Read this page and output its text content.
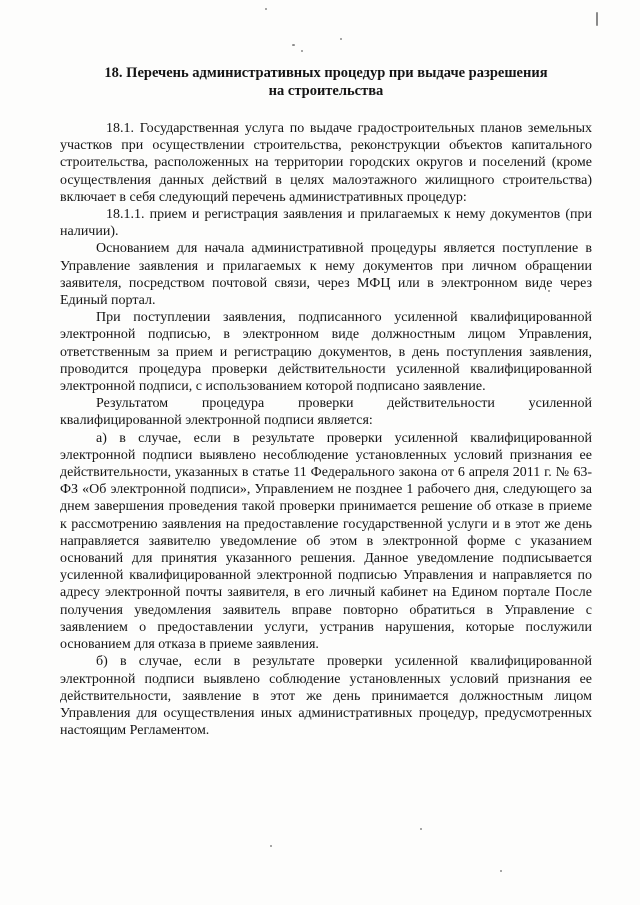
18. Перечень административных процедур при выдаче разрешения на строительства

18.1. Государственная услуга по выдаче градостроительных планов земельных участков при осуществлении строительства, реконструкции объектов капитального строительства, расположенных на территории городских округов и поселений (кроме осуществления данных действий в целях малоэтажного жилищного строительства) включает в себя следующий перечень административных процедур:

18.1.1. прием и регистрация заявления и прилагаемых к нему документов (при наличии).

Основанием для начала административной процедуры является поступление в Управление заявления и прилагаемых к нему документов при личном обращении заявителя, посредством почтовой связи, через МФЦ или в электронном виде через Единый портал.

При поступлении заявления, подписанного усиленной квалифицированной электронной подписью, в электронном виде должностным лицом Управления, ответственным за прием и регистрацию документов, в день поступления заявления, проводится процедура проверки действительности усиленной квалифицированной электронной подписи, с использованием которой подписано заявление.

Результатом процедура проверки действительности усиленной квалифицированной электронной подписи является:

а) в случае, если в результате проверки усиленной квалифицированной электронной подписи выявлено несоблюдение установленных условий признания ее действительности, указанных в статье 11 Федерального закона от 6 апреля 2011 г. № 63-ФЗ «Об электронной подписи», Управлением не позднее 1 рабочего дня, следующего за днем завершения проведения такой проверки принимается решение об отказе в приеме к рассмотрению заявления на предоставление государственной услуги и в этот же день направляется заявителю уведомление об этом в электронной форме с указанием оснований для принятия указанного решения. Данное уведомление подписывается усиленной квалифицированной электронной подписью Управления и направляется по адресу электронной почты заявителя, в его личный кабинет на Едином портале После получения уведомления заявитель вправе повторно обратиться в Управление с заявлением о предоставлении услуги, устранив нарушения, которые послужили основанием для отказа в приеме заявления.

б) в случае, если в результате проверки усиленной квалифицированной электронной подписи выявлено соблюдение установленных условий признания ее действительности, заявление в этот же день принимается должностным лицом Управления для осуществления иных административных процедур, предусмотренных настоящим Регламентом.
